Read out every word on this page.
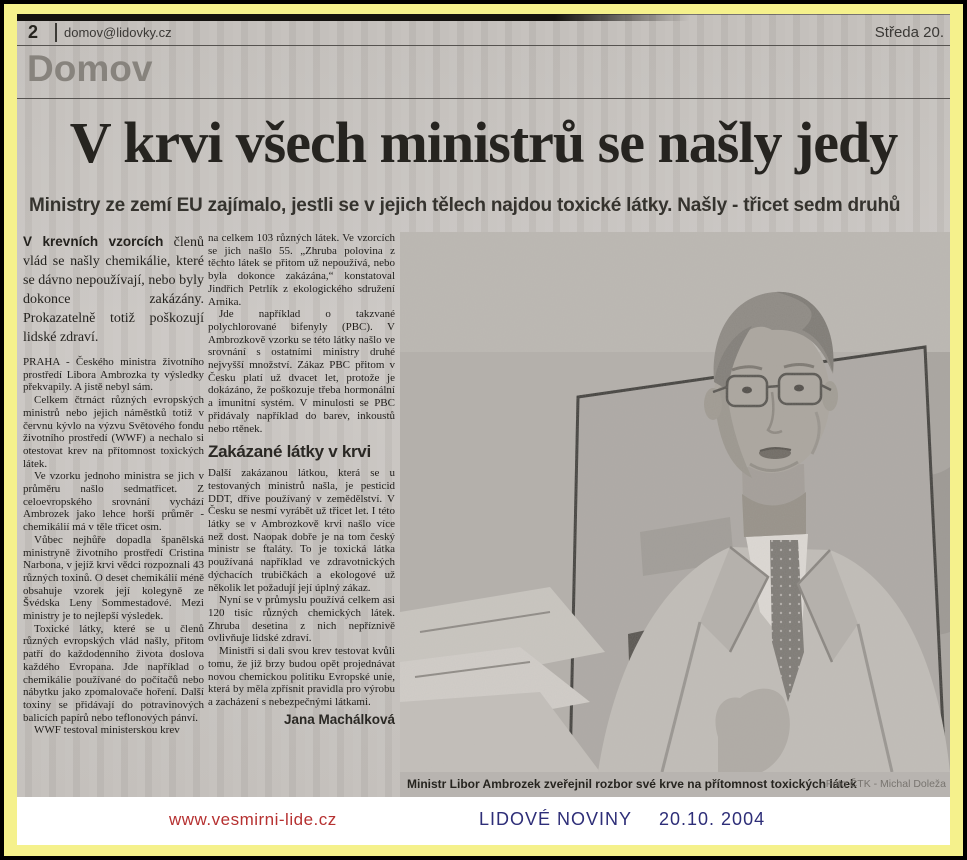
2 domov@lidovky.cz	Středa 20.
Domov
V krvi všech ministrů se našly jedy
Ministry ze zemí EU zajímalo, jestli se v jejich tělech najdou toxické látky. Našly - třicet sedm druhů

V krevních vzorcích členů vlád se našly chemikálie, které se dávno nepoužívají, nebo byly dokonce zakázány. Prokazatelně totiž poškozují lidské zdraví.

PRAHA - Českého ministra životního prostředí Libora Ambrozka ty výsledky překvapily. A jistě nebyl sám.

Celkem čtrnáct různých evropských ministrů nebo jejich náměstků totiž v červnu kývlo na výzvu Světového fondu životního prostředí (WWF) a nechalo si otestovat krev na přítomnost toxických látek.

Ve vzorku jednoho ministra se jich v průměru našlo sedmatřicet. Z celoevropského srovnání vychází Ambrozek jako lehce horší průměr - chemikálií má v těle třicet osm.

Vůbec nejhůře dopadla španělská ministryně životního prostředí Cristina Narbona, v jejíž krvi vědci rozpoznali 43 různých toxinů. O deset chemikálií méně obsahuje vzorek její kolegyně ze Švédska Leny Sommestadové. Mezi ministry je to nejlepší výsledek.

Toxické látky, které se u členů různých evropských vlád našly, přitom patří do každodenního života doslova každého Evropana. Jde například o chemikálie používané do počítačů nebo nábytku jako zpomalovače hoření. Další toxiny se přidávají do potravinových balicích papírů nebo teflonových pánví.

WWF testoval ministerskou krev

na celkem 103 různých látek. Ve vzorcích se jich našlo 55. „Zhruba polovina z těchto látek se přitom už nepoužívá, nebo byla dokonce zakázána,“ konstatoval Jindřich Petrlík z ekologického sdružení Arnika.

Jde například o takzvané polychlorované bifenyly (PBC). V Ambrozkově vzorku se této látky našlo ve srovnání s ostatními ministry druhé nejvyšší množství. Zákaz PBC přitom v Česku platí už dvacet let, protože je dokázáno, že poškozuje třeba hormonální a imunitní systém. V minulosti se PBC přidávaly například do barev, inkoustů nebo rtěnek.

Zakázané látky v krvi

Další zakázanou látkou, která se u testovaných ministrů našla, je pesticid DDT, dříve používaný v zemědělství. V Česku se nesmí vyrábět už třicet let. I této látky se v Ambrozkově krvi našlo více než dost. Naopak dobře je na tom český ministr se ftaláty. To je toxická látka používaná například ve zdravotnických dýchacích trubičkách a ekologové už několik let požadují její úplný zákaz.

Nyní se v průmyslu používá celkem asi 120 tisíc různých chemických látek. Zhruba desetina z nich nepříznivě ovlivňuje lidské zdraví.

Ministři si dali svou krev testovat kvůli tomu, že již brzy budou opět projednávat novou chemickou politiku Evropské unie, která by měla zpřísnit pravidla pro výrobu a zacházení s nebezpečnými látkami.

Jana Machálková
Ministr Libor Ambrozek zveřejnil rozbor své krve na přítomnost toxických látek
Foto ČTK - Michal Doleža
www.vesmirni-lide.cz	LIDOVÉ NOVINY 20.10. 2004
